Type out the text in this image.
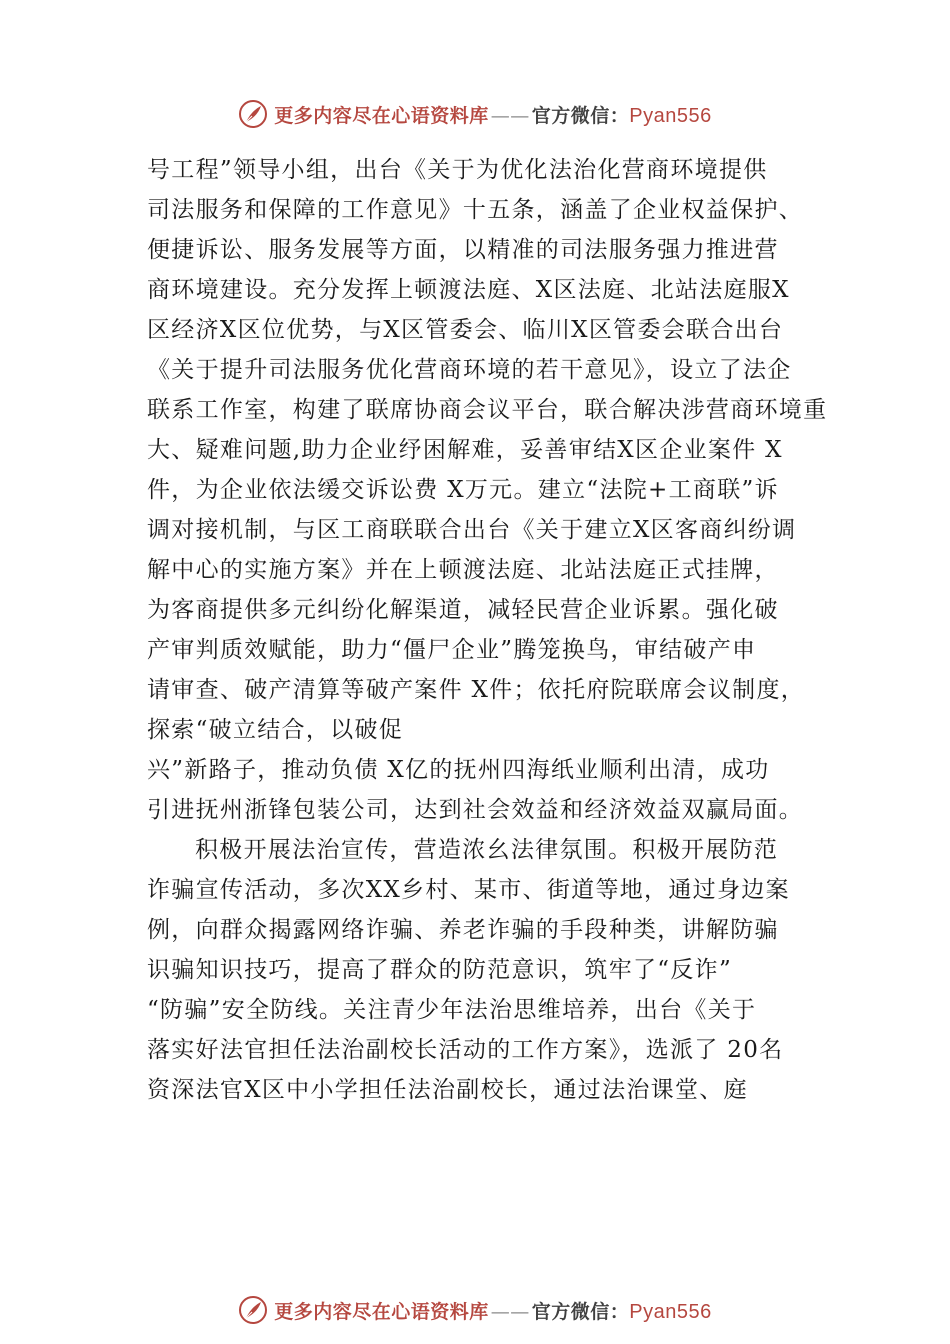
更多内容尽在心语资料库 —— 官方微信：Pyan556
号工程”领导小组，出台《关于为优化法治化营商环境提供
司法服务和保障的工作意见》十五条，涵盖了企业权益保护、
便捷诉讼、服务发展等方面，以精准的司法服务强力推进营
商环境建设。充分发挥上顿渡法庭、X区法庭、北站法庭服X
区经济X区位优势，与X区管委会、临川X区管委会联合出台
《关于提升司法服务优化营商环境的若干意见》，设立了法企
联系工作室，构建了联席协商会议平台，联合解决涉营商环境重
大、疑难问题,助力企业纾困解难，妥善审结X区企业案件 X
件，为企业依法缓交诉讼费 X万元。建立“法院+工商联”诉
调对接机制，与区工商联联合出台《关于建立X区客商纠纷调
解中心的实施方案》并在上顿渡法庭、北站法庭正式挂牌，
为客商提供多元纠纷化解渠道，减轻民营企业诉累。强化破
产审判质效赋能，助力“僵尸企业”腾笼换鸟，审结破产申
请审查、破产清算等破产案件 X件；依托府院联席会议制度，
探索“破立结合，以破促
兴”新路子，推动负债 X亿的抚州四海纸业顺利出清，成功
引进抚州浙锋包装公司，达到社会效益和经济效益双赢局面。
积极开展法治宣传，营造浓⺓法律氛围。积极开展防范
诈骗宣传活动，多次XX乡村、某市、街道等地，通过身边案
例，向群众揭露网络诈骗、养老诈骗的手段种类，讲解防骗
识骗知识技巧，提高了群众的防范意识，筑牢了“反诈”
“防骗”安全防线。关注青少年法治思维培养，出台《关于
落实好法官担任法治副校长活动的工作方案》，选派了 20名
资深法官X区中小学担任法治副校长，通过法治课堂、庭
更多内容尽在心语资料库 —— 官方微信：Pyan556
